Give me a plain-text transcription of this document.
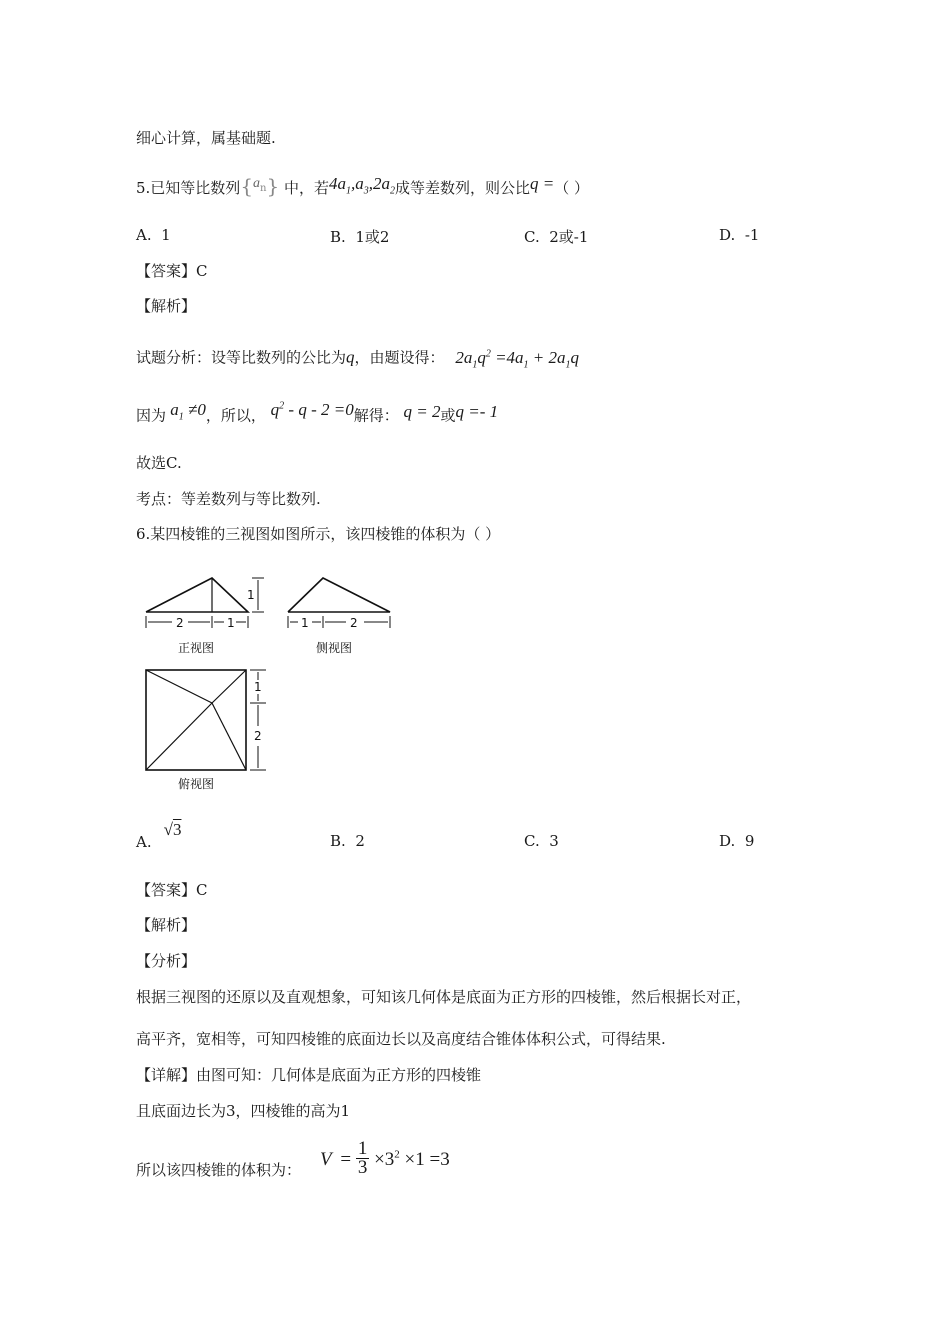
细心计算，属基础题.
5.已知等比数列$\{a_n\}$ 中，若$4a_1,a_3,2a_2$成等差数列，则公比q =（ ）
A. 1	B. 1或2	C. 2或-1	D. -1
【答案】C
【解析】
试题分析：设等比数列的公比为q，由题设得： $2a_1q^2 =4a_1 + 2a_1q$
因为 $a_1 \ne 0$，所以， $q^2 - q - 2 =0$解得： q = 2或q =- 1
故选C.
考点：等差数列与等比数列.
6.某四棱锥的三视图如图所示，该四棱锥的体积为（ ）
1
2	1
正视图
1	2
侧视图
1
2
俯视图
A.√3
B. 2	C. 3	D. 9
【答案】C
【解析】
【分析】
根据三视图的还原以及直观想象，可知该几何体是底面为正方形的四棱锥，然后根据长对正，
高平齐，宽相等，可知四棱锥的底面边长以及高度结合锥体体积公式，可得结果.
【详解】由图可知：几何体是底面为正方形的四棱锥
且底面边长为3，四棱锥的高为1
所以该四棱锥的体积为：
$V = \frac{1}{3} \times 3^2 \times 1 =3$
